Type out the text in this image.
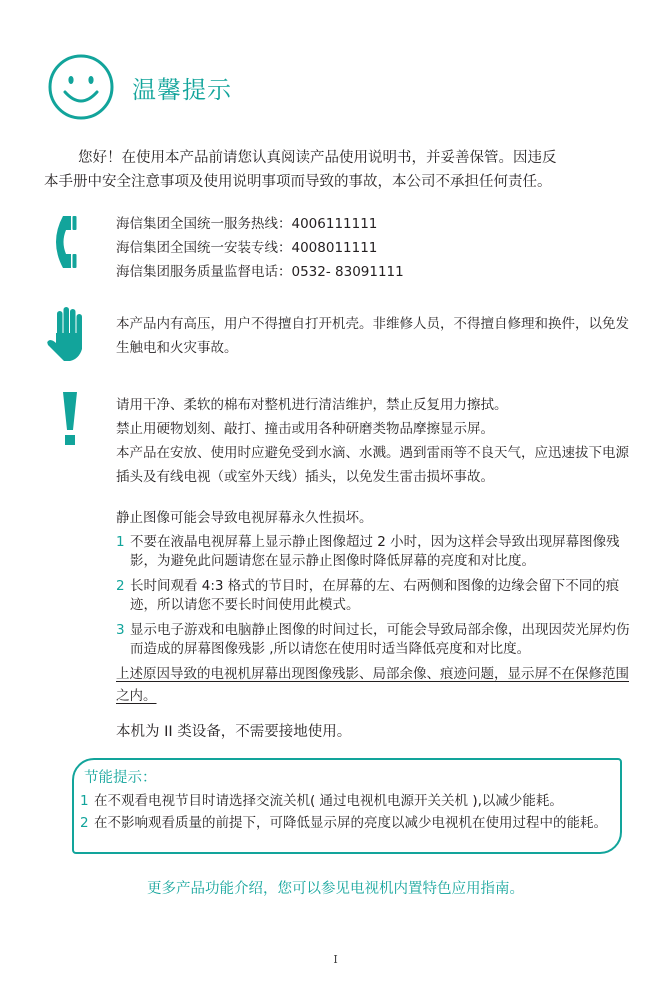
温馨提示

您好！在使用本产品前请您认真阅读产品使用说明书，并妥善保管。因违反

本手册中安全注意事项及使用说明事项而导致的事故，本公司不承担任何责任。

海信集团全国统一服务热线：4006111111
海信集团全国统一安装专线：4008011111
海信集团服务质量监督电话：0532- 83091111
本产品内有高压，用户不得擅自打开机壳。非维修人员，不得擅自修理和换件，以免发生触电和火灾事故。
请用干净、柔软的棉布对整机进行清洁维护，禁止反复用力擦拭。
禁止用硬物划刻、敲打、撞击或用各种研磨类物品摩擦显示屏。
本产品在安放、使用时应避免受到水滴、水溅。遇到雷雨等不良天气，应迅速拔下电源插头及有线电视（或室外天线）插头，以免发生雷击损坏事故。
静止图像可能会导致电视屏幕永久性损坏。
1 不要在液晶电视屏幕上显示静止图像超过 2 小时，因为这样会导致出现屏幕图像残影，为避免此问题请您在显示静止图像时降低屏幕的亮度和对比度。
2 长时间观看 4:3 格式的节目时，在屏幕的左、右两侧和图像的边缘会留下不同的痕迹，所以请您不要长时间使用此模式。
3 显示电子游戏和电脑静止图像的时间过长，可能会导致局部余像，出现因荧光屏灼伤而造成的屏幕图像残影 ,所以请您在使用时适当降低亮度和对比度。
上述原因导致的电视机屏幕出现图像残影、局部余像、痕迹问题，显示屏不在保修范围之内。
本机为 II 类设备，不需要接地使用。
节能提示：
1 在不观看电视节目时请选择交流关机( 通过电视机电源开关关机 ),以减少能耗。
2 在不影响观看质量的前提下，可降低显示屏的亮度以减少电视机在使用过程中的能耗。
更多产品功能介绍，您可以参见电视机内置特色应用指南。
I
